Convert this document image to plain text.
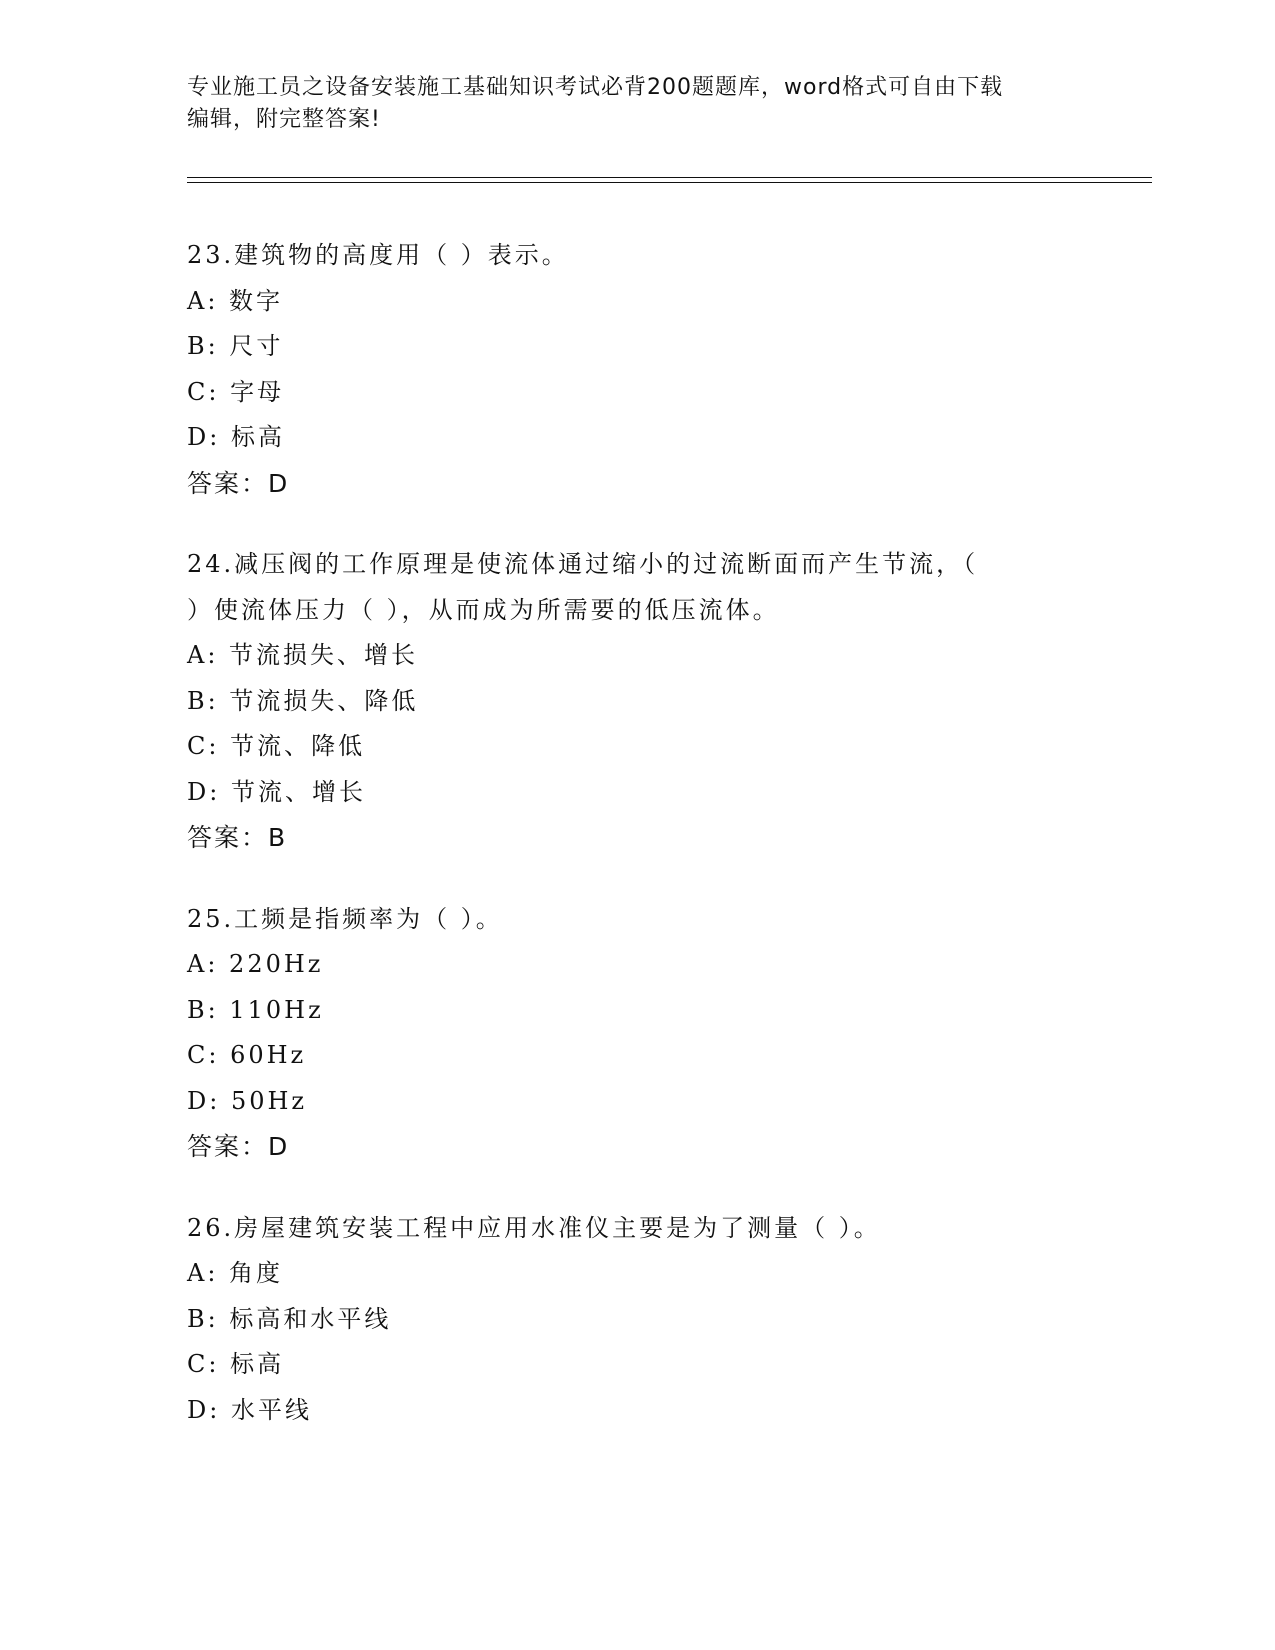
专业施工员之设备安装施工基础知识考试必背200题题库，word格式可自由下载
编辑，附完整答案!

23.建筑物的高度用（ ）表示。

A: 数字

B: 尺寸

C: 字母

D: 标高

答案：D

24.减压阀的工作原理是使流体通过缩小的过流断面而产生节流，（

）使流体压力（ ），从而成为所需要的低压流体。

A: 节流损失、增长

B: 节流损失、降低

C: 节流、降低

D: 节流、增长

答案：B

25.工频是指频率为（ ）。

A: 220Hz

B: 110Hz

C: 60Hz

D: 50Hz

答案：D

26.房屋建筑安装工程中应用水准仪主要是为了测量（ ）。

A: 角度

B: 标高和水平线

C: 标高

D: 水平线
